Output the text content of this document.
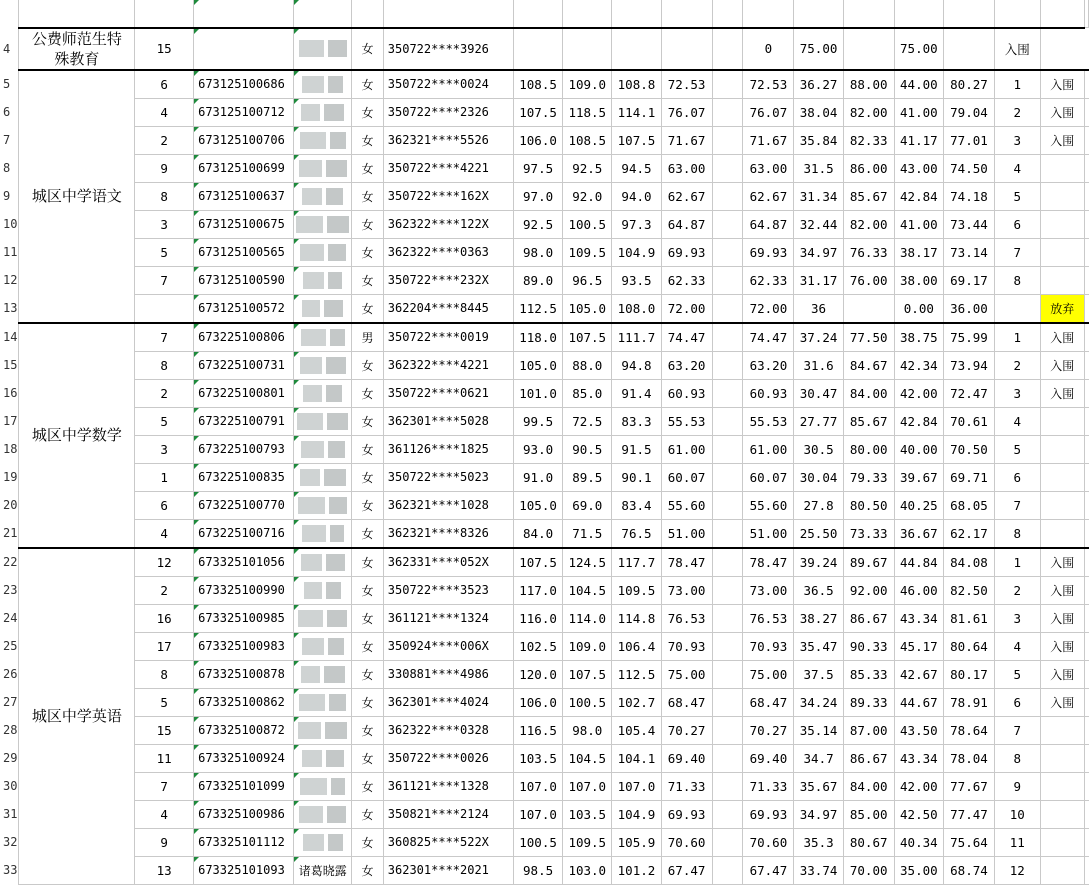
4	公费师范生特殊教育	15			女	350722****3926						0	75.00		75.00		入围			
5	城区中学语文	6	673125100686		女	350722****0024	108.5	109.0	108.8	72.53		72.53	36.27	88.00	44.00	80.27	1	入围		
6		4	673125100712		女	350722****2326	107.5	118.5	114.1	76.07		76.07	38.04	82.00	41.00	79.04	2	入围		
7		2	673125100706		女	362321****5526	106.0	108.5	107.5	71.67		71.67	35.84	82.33	41.17	77.01	3	入围		
8		9	673125100699		女	350722****4221	97.5	92.5	94.5	63.00		63.00	31.5	86.00	43.00	74.50	4			
9		8	673125100637		女	350722****162X	97.0	92.0	94.0	62.67		62.67	31.34	85.67	42.84	74.18	5			
10		3	673125100675		女	362322****122X	92.5	100.5	97.3	64.87		64.87	32.44	82.00	41.00	73.44	6			
11		5	673125100565		女	362322****0363	98.0	109.5	104.9	69.93		69.93	34.97	76.33	38.17	73.14	7			
12		7	673125100590		女	350722****232X	89.0	96.5	93.5	62.33		62.33	31.17	76.00	38.00	69.17	8			
13			673125100572		女	362204****8445	112.5	105.0	108.0	72.00		72.00	36		0.00	36.00		放弃		
14	城区中学数学	7	673225100806		男	350722****0019	118.0	107.5	111.7	74.47		74.47	37.24	77.50	38.75	75.99	1	入围		
15		8	673225100731		女	362322****4221	105.0	88.0	94.8	63.20		63.20	31.6	84.67	42.34	73.94	2	入围		
16		2	673225100801		女	350722****0621	101.0	85.0	91.4	60.93		60.93	30.47	84.00	42.00	72.47	3	入围		
17		5	673225100791		女	362301****5028	99.5	72.5	83.3	55.53		55.53	27.77	85.67	42.84	70.61	4			
18		3	673225100793		女	361126****1825	93.0	90.5	91.5	61.00		61.00	30.5	80.00	40.00	70.50	5			
19		1	673225100835		女	350722****5023	91.0	89.5	90.1	60.07		60.07	30.04	79.33	39.67	69.71	6			
20		6	673225100770		女	362321****1028	105.0	69.0	83.4	55.60		55.60	27.8	80.50	40.25	68.05	7			
21		4	673225100716		女	362321****8326	84.0	71.5	76.5	51.00		51.00	25.50	73.33	36.67	62.17	8			
22	城区中学英语	12	673325101056		女	362331****052X	107.5	124.5	117.7	78.47		78.47	39.24	89.67	44.84	84.08	1	入围		
23		2	673325100990		女	350722****3523	117.0	104.5	109.5	73.00		73.00	36.5	92.00	46.00	82.50	2	入围		
24		16	673325100985		女	361121****1324	116.0	114.0	114.8	76.53		76.53	38.27	86.67	43.34	81.61	3	入围		
25		17	673325100983		女	350924****006X	102.5	109.0	106.4	70.93		70.93	35.47	90.33	45.17	80.64	4	入围		
26		8	673325100878		女	330881****4986	120.0	107.5	112.5	75.00		75.00	37.5	85.33	42.67	80.17	5	入围		
27		5	673325100862		女	362301****4024	106.0	100.5	102.7	68.47		68.47	34.24	89.33	44.67	78.91	6	入围		
28		15	673325100872		女	362322****0328	116.5	98.0	105.4	70.27		70.27	35.14	87.00	43.50	78.64	7			
29		11	673325100924		女	350722****0026	103.5	104.5	104.1	69.40		69.40	34.7	86.67	43.34	78.04	8			
30		7	673325101099		女	361121****1328	107.0	107.0	107.0	71.33		71.33	35.67	84.00	42.00	77.67	9			
31		4	673325100986		女	350821****2124	107.0	103.5	104.9	69.93		69.93	34.97	85.00	42.50	77.47	10			
32		9	673325101112		女	360825****522X	100.5	109.5	105.9	70.60		70.60	35.3	80.67	40.34	75.64	11			
33		13	673325101093	诸葛晓露	女	362301****2021	98.5	103.0	101.2	67.47		67.47	33.74	70.00	35.00	68.74	12			
